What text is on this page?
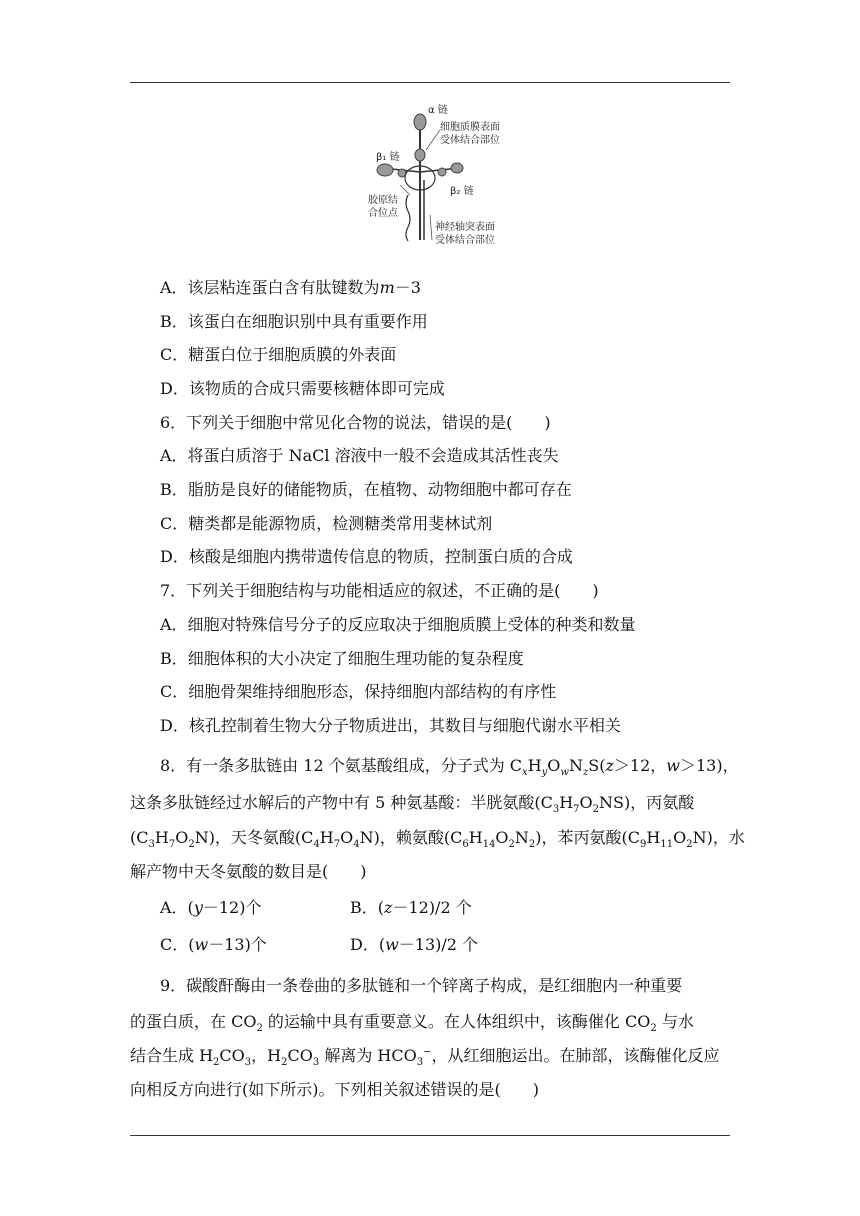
α 链
细胞质膜表面
受体结合部位
β₁ 链
β₂ 链
胶原结
合位点
神经轴突表面
受体结合部位
A．该层粘连蛋白含有肽键数为m－3
B．该蛋白在细胞识别中具有重要作用
C．糖蛋白位于细胞质膜的外表面
D．该物质的合成只需要核糖体即可完成
6．下列关于细胞中常见化合物的说法，错误的是(　　)
A．将蛋白质溶于 NaCl 溶液中一般不会造成其活性丧失
B．脂肪是良好的储能物质，在植物、动物细胞中都可存在
C．糖类都是能源物质，检测糖类常用斐林试剂
D．核酸是细胞内携带遗传信息的物质，控制蛋白质的合成
7．下列关于细胞结构与功能相适应的叙述，不正确的是(　　)
A．细胞对特殊信号分子的反应取决于细胞质膜上受体的种类和数量
B．细胞体积的大小决定了细胞生理功能的复杂程度
C．细胞骨架维持细胞形态，保持细胞内部结构的有序性
D．核孔控制着生物大分子物质进出，其数目与细胞代谢水平相关
8．有一条多肽链由 12 个氨基酸组成，分子式为 $C_xH_yO_wN_zS(z>12$，w＞13)，
这条多肽链经过水解后的产物中有 5 种氨基酸：半胱氨酸$(C_3H_7O_2NS)$，丙氨酸
$(C_3H_7O_2N)$，天冬氨酸$(C_4H_7O_4N)$，赖氨酸$(C_6H_{14}O_2N_2)$，苯丙氨酸$(C_9H_{11}O_2N)$，水
解产物中天冬氨酸的数目是(　　)
A．(y－12)个	B．(z－12)/2 个
C．(w－13)个	D．(w－13)/2 个
9．碳酸酐酶由一条卷曲的多肽链和一个锌离子构成，是红细胞内一种重要
的蛋白质，在 $CO_2$ 的运输中具有重要意义。在人体组织中，该酶催化 $CO_2$ 与水
结合生成 $H_2CO_3$，$H_2CO_3$ 解离为 $HCO_3^-$，从红细胞运出。在肺部，该酶催化反应
向相反方向进行(如下所示)。下列相关叙述错误的是(　　)
